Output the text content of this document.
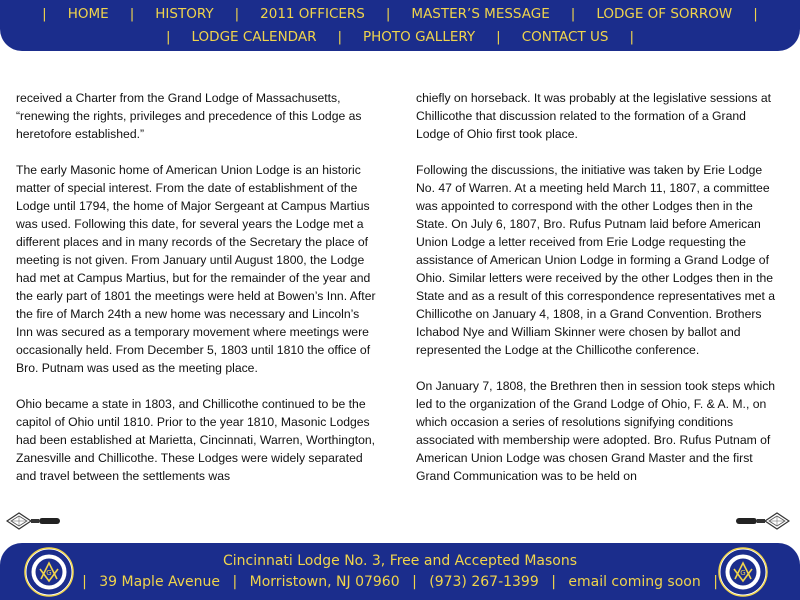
| HOME | HISTORY | 2011 OFFICERS | MASTER’S MESSAGE | LODGE OF SORROW |
| LODGE CALENDAR | PHOTO GALLERY | CONTACT US |

received a Charter from the Grand Lodge of Massachusetts, “renewing the rights, privileges and precedence of this Lodge as heretofore established.”

The early Masonic home of American Union Lodge is an historic matter of special interest. From the date of establishment of the Lodge until 1794, the home of Major Sergeant at Campus Martius was used. Following this date, for several years the Lodge met a different places and in many records of the Secretary the place of meeting is not given. From January until August 1800, the Lodge had met at Campus Martius, but for the remainder of the year and the early part of 1801 the meetings were held at Bowen’s Inn. After the fire of March 24th a new home was necessary and Lincoln’s Inn was secured as a temporary movement where meetings were occasionally held. From December 5, 1803 until 1810 the office of Bro. Putnam was used as the meeting place.

Ohio became a state in 1803, and Chillicothe continued to be the capitol of Ohio until 1810. Prior to the year 1810, Masonic Lodges had been established at Marietta, Cincinnati, Warren, Worthington, Zanesville and Chillicothe. These Lodges were widely separated and travel between the settlements was

chiefly on horseback. It was probably at the legislative sessions at Chillicothe that discussion related to the formation of a Grand Lodge of Ohio first took place.

Following the discussions, the initiative was taken by Erie Lodge No. 47 of Warren. At a meeting held March 11, 1807, a committee was appointed to correspond with the other Lodges then in the State. On July 6, 1807, Bro. Rufus Putnam laid before American Union Lodge a letter received from Erie Lodge requesting the assistance of American Union Lodge in forming a Grand Lodge of Ohio. Similar letters were received by the other Lodges then in the State and as a result of this correspondence representatives met a Chillicothe on January 4, 1808, in a Grand Convention. Brothers Ichabod Nye and William Skinner were chosen by ballot and represented the Lodge at the Chillicothe conference.

On January 7, 1808, the Brethren then in session took steps which led to the organization of the Grand Lodge of Ohio, F. & A. M., on which occasion a series of resolutions signifying conditions associated with membership were adopted. Bro. Rufus Putnam of American Union Lodge was chosen Grand Master and the first Grand Communication was to be held on

G
Cincinnati Lodge No. 3, Free and Accepted Masons
| 39 Maple Avenue | Morristown, NJ 07960 | (973) 267-1399 | email coming soon |
G
